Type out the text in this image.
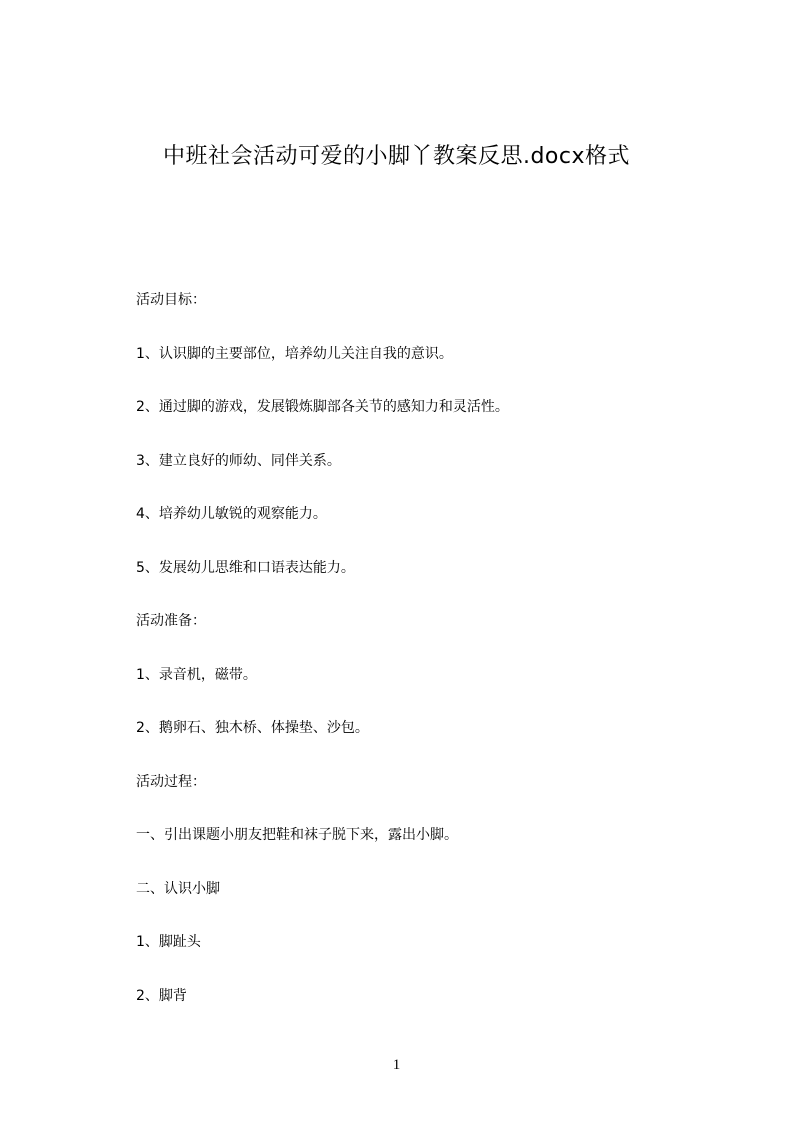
中班社会活动可爱的小脚丫教案反思.docx格式

活动目标：

1、认识脚的主要部位，培养幼儿关注自我的意识。

2、通过脚的游戏，发展锻炼脚部各关节的感知力和灵活性。

3、建立良好的师幼、同伴关系。

4、培养幼儿敏锐的观察能力。

5、发展幼儿思维和口语表达能力。

活动准备：

1、录音机，磁带。

2、鹅卵石、独木桥、体操垫、沙包。

活动过程：

一、引出课题小朋友把鞋和袜子脱下来，露出小脚。

二、认识小脚

1、脚趾头

2、脚背

1
